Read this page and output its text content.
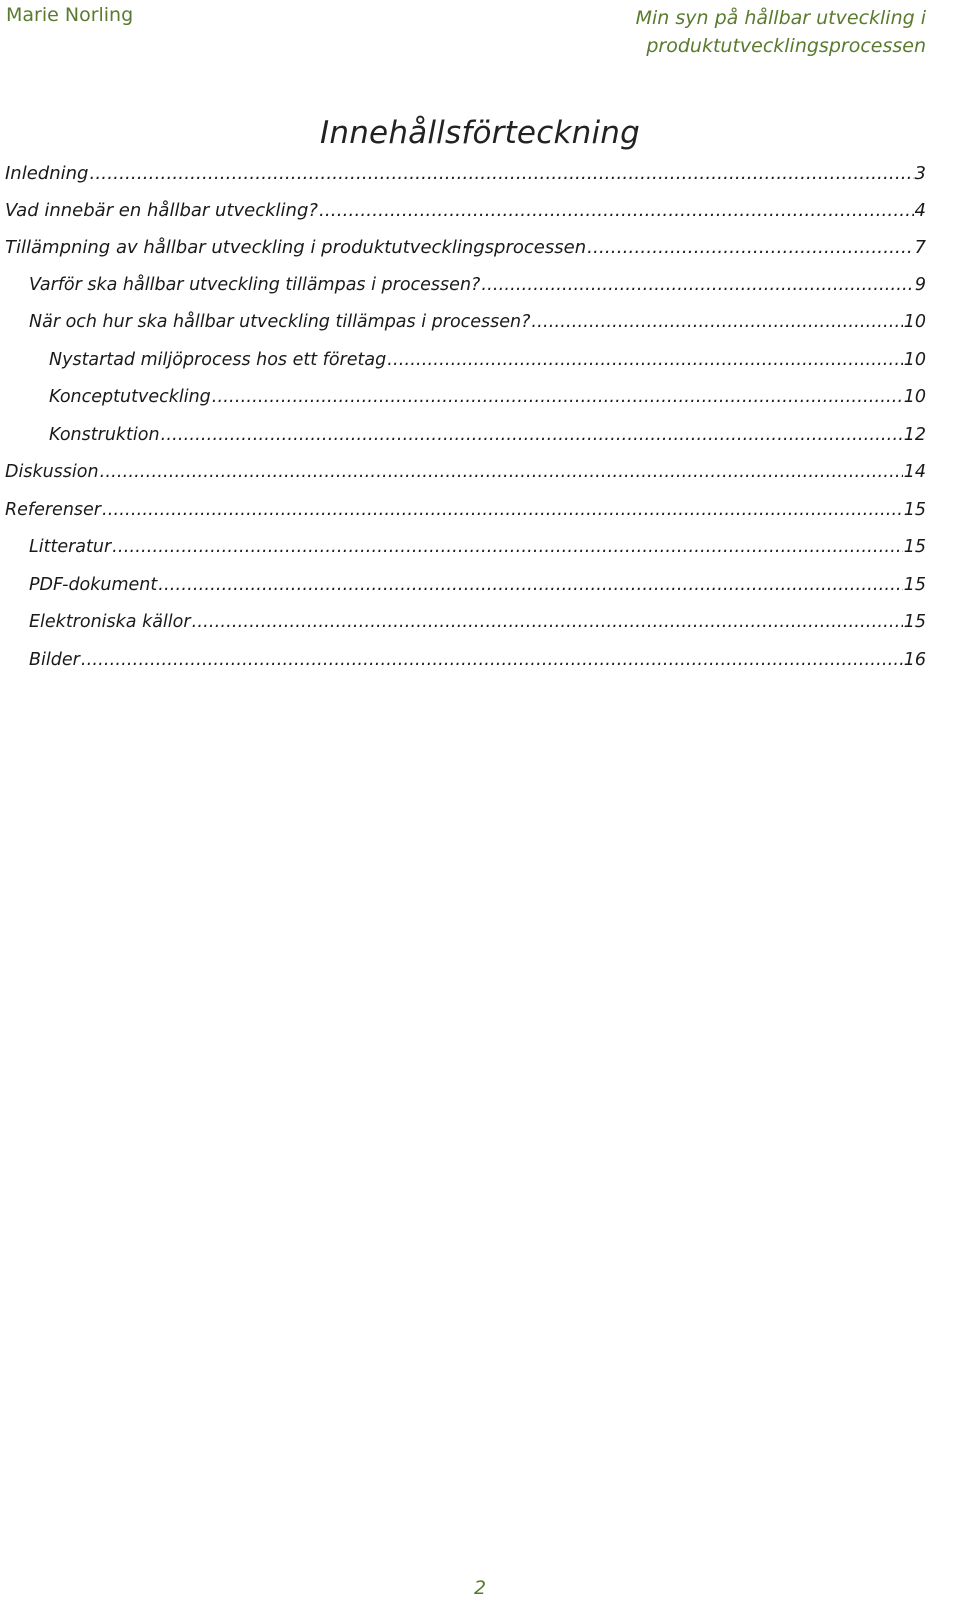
Marie Norling	Min syn på hållbar utveckling i produktutvecklingsprocessen
Innehållsförteckning
Inledning .....	3
Vad innebär en hållbar utveckling? .....	4
Tillämpning av hållbar utveckling i produktutvecklingsprocessen .....	7
Varför ska hållbar utveckling tillämpas i processen? .....	9
När och hur ska hållbar utveckling tillämpas i processen? .....	10
Nystartad miljöprocess hos ett företag .....	10
Konceptutveckling .....	10
Konstruktion .....	12
Diskussion .....	14
Referenser .....	15
Litteratur .....	15
PDF-dokument .....	15
Elektroniska källor .....	15
Bilder .....	16
2
